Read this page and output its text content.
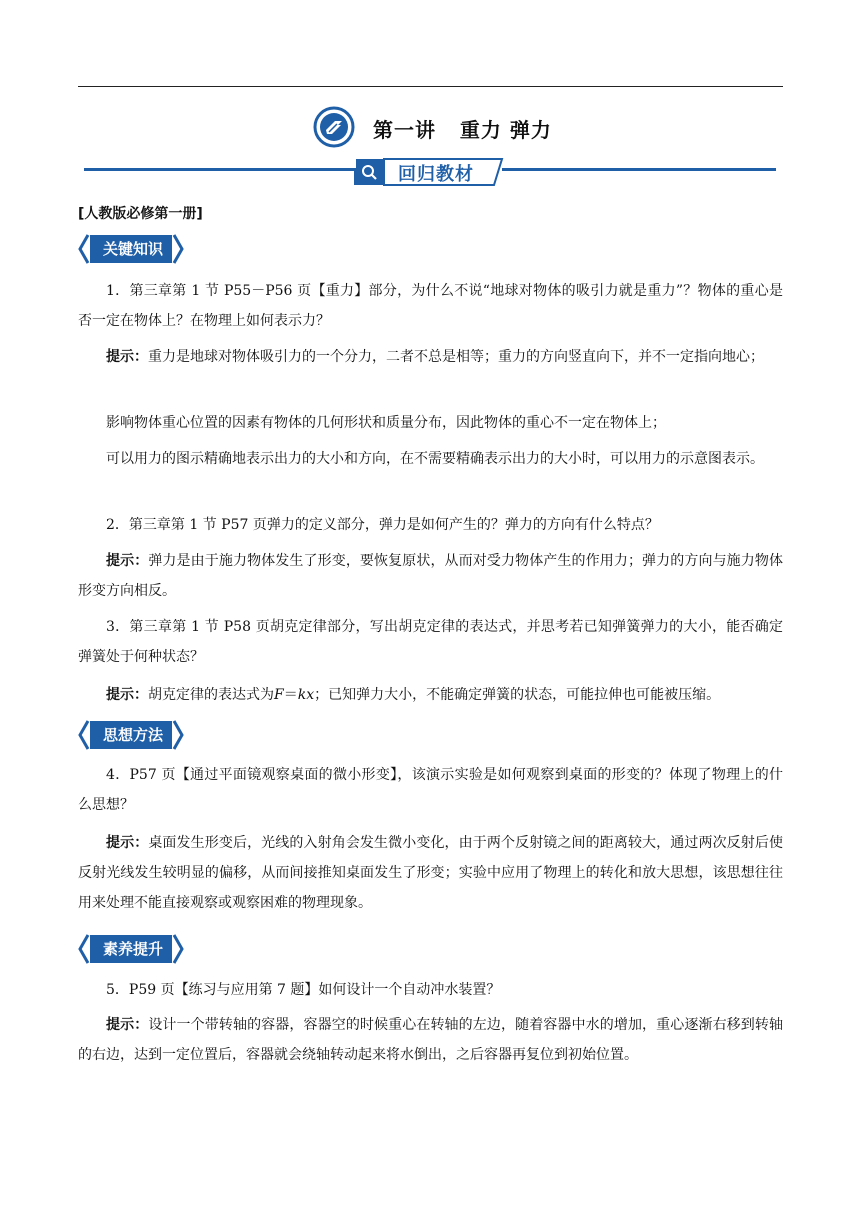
第一讲   重力 弹力
回归教材
[人教版必修第一册]
关键知识

1．第三章第 1 节 P55－P56 页【重力】部分，为什么不说“地球对物体的吸引力就是重力”？物体的重心是否一定在物体上？在物理上如何表示力？

提示：重力是地球对物体吸引力的一个分力，二者不总是相等；重力的方向竖直向下，并不一定指向地心；

影响物体重心位置的因素有物体的几何形状和质量分布，因此物体的重心不一定在物体上；

可以用力的图示精确地表示出力的大小和方向，在不需要精确表示出力的大小时，可以用力的示意图表示。

2．第三章第 1 节 P57 页弹力的定义部分，弹力是如何产生的？弹力的方向有什么特点？

提示：弹力是由于施力物体发生了形变，要恢复原状，从而对受力物体产生的作用力；弹力的方向与施力物体形变方向相反。

3．第三章第 1 节 P58 页胡克定律部分，写出胡克定律的表达式，并思考若已知弹簧弹力的大小，能否确定弹簧处于何种状态？

提示：胡克定律的表达式为F＝kx；已知弹力大小，不能确定弹簧的状态，可能拉伸也可能被压缩。

思想方法

4．P57 页【通过平面镜观察桌面的微小形变】，该演示实验是如何观察到桌面的形变的？体现了物理上的什么思想？

提示：桌面发生形变后，光线的入射角会发生微小变化，由于两个反射镜之间的距离较大，通过两次反射后使反射光线发生较明显的偏移，从而间接推知桌面发生了形变；实验中应用了物理上的转化和放大思想，该思想往往用来处理不能直接观察或观察困难的物理现象。

素养提升

5．P59 页【练习与应用第 7 题】如何设计一个自动冲水装置？

提示：设计一个带转轴的容器，容器空的时候重心在转轴的左边，随着容器中水的增加，重心逐渐右移到转轴的右边，达到一定位置后，容器就会绕轴转动起来将水倒出，之后容器再复位到初始位置。
